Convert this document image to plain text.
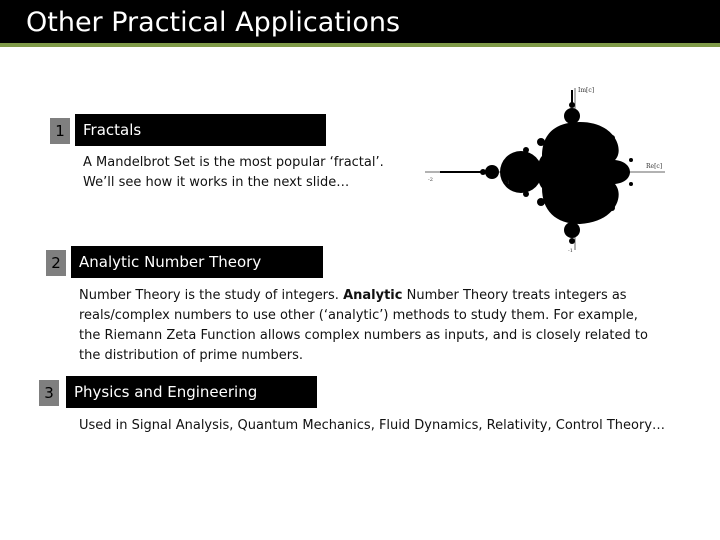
Other Practical Applications
1	Fractals
A Mandelbrot Set is the most popular ‘fractal’.
We’ll see how it works in the next slide…
Im[c]
Re[c]
-2	-1
-1
2	Analytic Number Theory
Number Theory is the study of integers. Analytic Number Theory treats integers as reals/complex numbers to use other (‘analytic’) methods to study them. For example, the Riemann Zeta Function allows complex numbers as inputs, and is closely related to the distribution of prime numbers.
3	Physics and Engineering
Used in Signal Analysis, Quantum Mechanics, Fluid Dynamics, Relativity, Control Theory…
